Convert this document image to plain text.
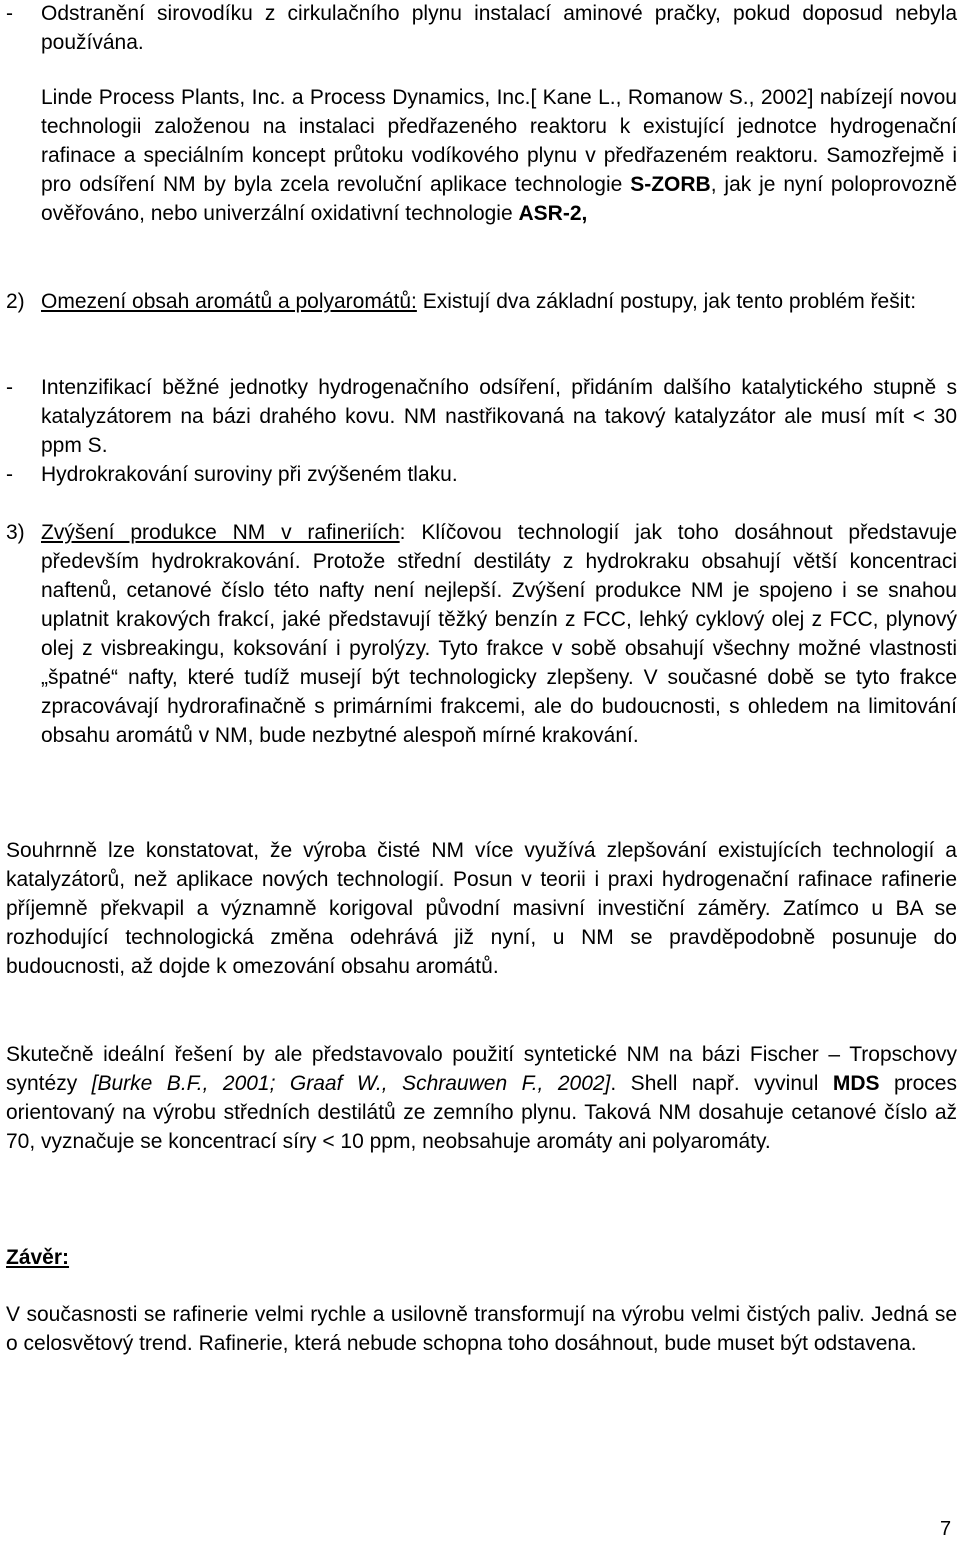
-	Odstranění sirovodíku z cirkulačního plynu instalací aminové pračky, pokud doposud nebyla používána.

Linde Process Plants, Inc. a Process Dynamics, Inc.[ Kane L., Romanow S., 2002] nabízejí novou technologii založenou na instalaci předřazeného reaktoru k existující jednotce hydrogenační rafinace a speciálním koncept průtoku vodíkového plynu v předřazeném reaktoru. Samozřejmě i pro odsíření NM by byla zcela revoluční aplikace technologie S-ZORB, jak je nyní poloprovozně ověřováno, nebo univerzální oxidativní technologie ASR-2,

2) Omezení obsah aromátů a polyaromátů: Existují dva základní postupy, jak tento problém řešit:

-	Intenzifikací běžné jednotky hydrogenačního odsíření, přidáním dalšího katalytického stupně s katalyzátorem na bázi drahého kovu. NM nastřikovaná na takový katalyzátor ale musí mít < 30 ppm S.

-	Hydrokrakování suroviny při zvýšeném tlaku.

3) Zvýšení produkce NM v rafineriích: Klíčovou technologií jak toho dosáhnout představuje především hydrokrakování. Protože střední destiláty z hydrokraku obsahují větší koncentraci naftenů, cetanové číslo této nafty není nejlepší. Zvýšení produkce NM je spojeno i se snahou uplatnit krakových frakcí, jaké představují těžký benzín z FCC, lehký cyklový olej z FCC, plynový olej z visbreakingu, koksování i pyrolýzy. Tyto frakce v sobě obsahují všechny možné vlastnosti „špatné“ nafty, které tudíž musejí být technologicky zlepšeny. V současné době se tyto frakce zpracovávají hydrorafinačně s primárními frakcemi, ale do budoucnosti, s ohledem na limitování obsahu aromátů v NM, bude nezbytné alespoň mírné krakování.

Souhrnně lze konstatovat, že výroba čisté NM více využívá zlepšování existujících technologií a katalyzátorů, než aplikace nových technologií. Posun v teorii i praxi hydrogenační rafinace rafinerie příjemně překvapil a významně korigoval původní masivní investiční záměry. Zatímco u BA se rozhodující technologická změna odehrává již nyní, u NM se pravděpodobně posunuje do budoucnosti, až dojde k omezování obsahu aromátů.

Skutečně ideální řešení by ale představovalo použití syntetické NM na bázi Fischer – Tropschovy syntézy [Burke B.F., 2001; Graaf W., Schrauwen F., 2002]. Shell např. vyvinul MDS proces orientovaný na výrobu středních destilátů ze zemního plynu. Taková NM dosahuje cetanové číslo až 70, vyznačuje se koncentrací síry < 10 ppm, neobsahuje aromáty ani polyaromáty.

Závěr:

V současnosti se rafinerie velmi rychle a usilovně transformují na výrobu velmi čistých paliv. Jedná se o celosvětový trend. Rafinerie, která nebude schopna toho dosáhnout, bude muset být odstavena.

7
